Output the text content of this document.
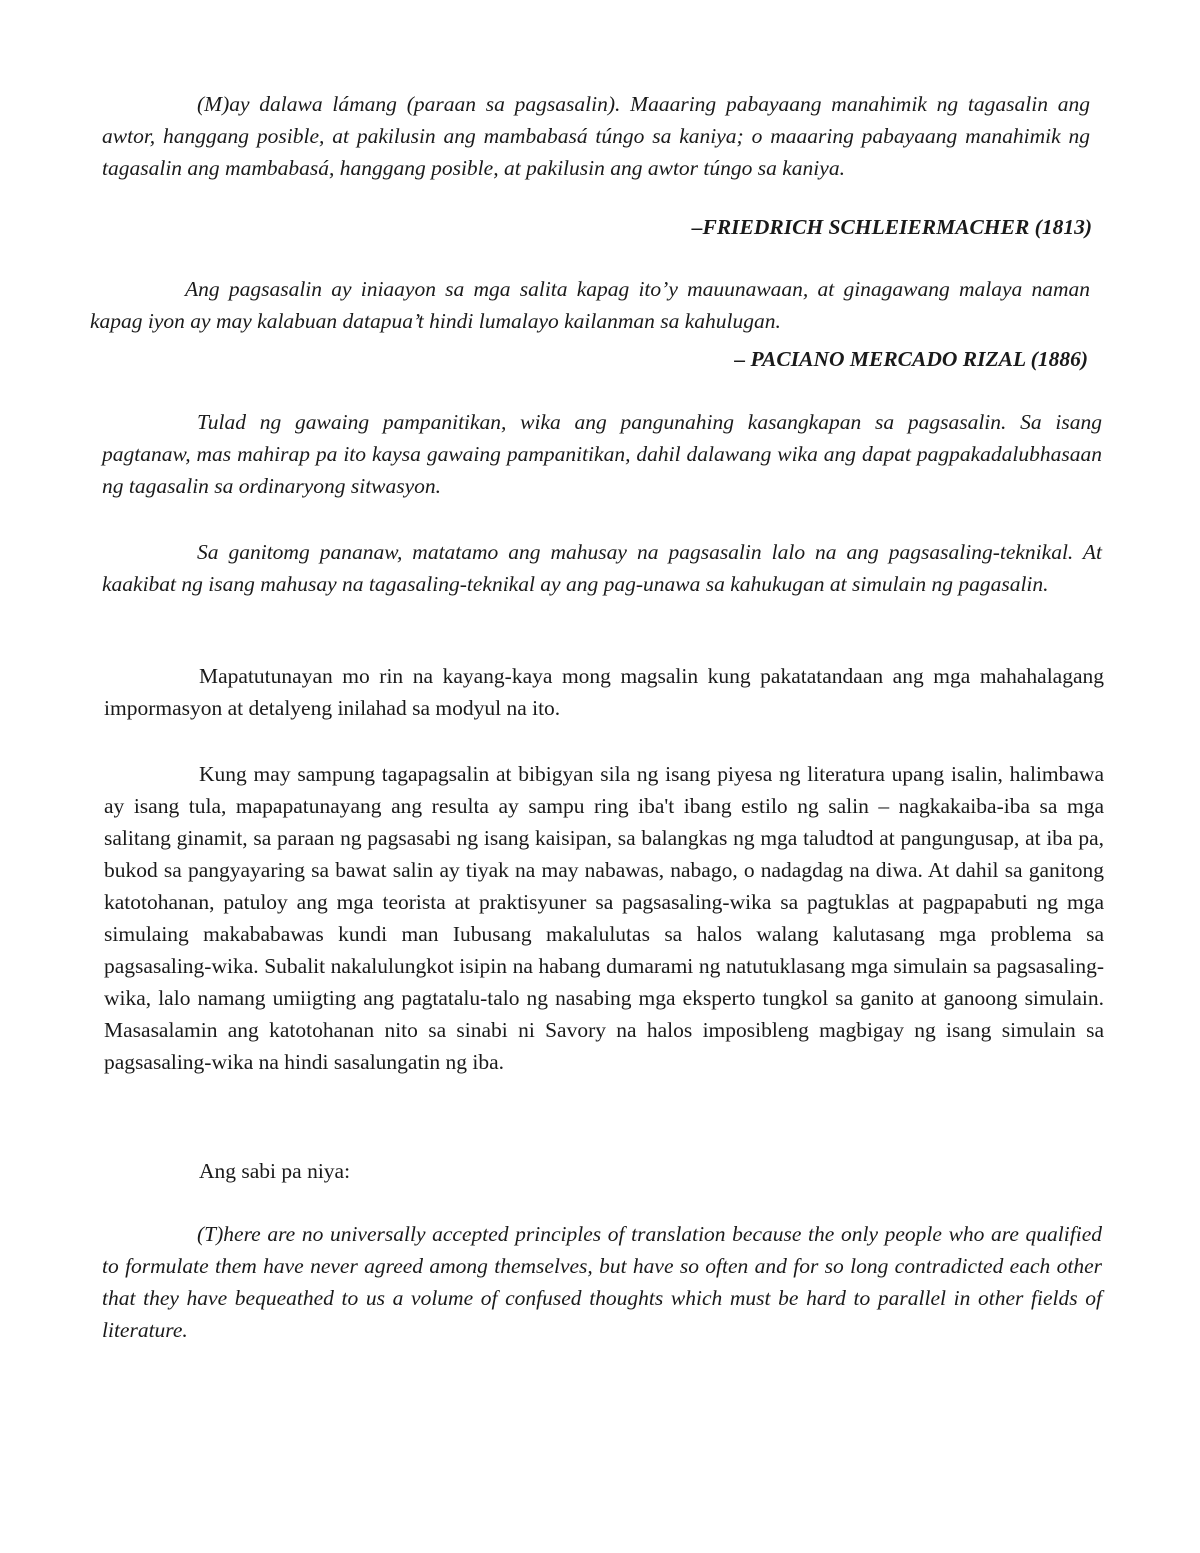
(M)ay dalawa lámang (paraan sa pagsasalin). Maaaring pabayaang manahimik ng tagasalin ang awtor, hanggang posible, at pakilusin ang mambabasá túngo sa kaniya; o maaaring pabayaang manahimik ng tagasalin ang mambabasá, hanggang posible, at pakilusin ang awtor túngo sa kaniya.

–FRIEDRICH SCHLEIERMACHER (1813)

Ang pagsasalin ay iniaayon sa mga salita kapag ito’y mauunawaan, at ginagawang malaya naman kapag iyon ay may kalabuan datapua’t hindi lumalayo kailanman sa kahulugan.

– PACIANO MERCADO RIZAL (1886)

Tulad ng gawaing pampanitikan, wika ang pangunahing kasangkapan sa pagsasalin. Sa isang pagtanaw, mas mahirap pa ito kaysa gawaing pampanitikan, dahil dalawang wika ang dapat pagpakadalubhasaan ng tagasalin sa ordinaryong sitwasyon.

Sa ganitomg pananaw, matatamo ang mahusay na pagsasalin lalo na ang pagsasaling-teknikal. At kaakibat ng isang mahusay na tagasaling-teknikal ay ang pag-unawa sa kahukugan at simulain ng pagasalin.

Mapatutunayan mo rin na kayang-kaya mong magsalin kung pakatatandaan ang mga mahahalagang impormasyon at detalyeng inilahad sa modyul na ito.

Kung may sampung tagapagsalin at bibigyan sila ng isang piyesa ng literatura upang isalin, halimbawa ay isang tula, mapapatunayang ang resulta ay sampu ring iba't ibang estilo ng salin – nagkakaiba-iba sa mga salitang ginamit, sa paraan ng pagsasabi ng isang kaisipan, sa balangkas ng mga taludtod at pangungusap, at iba pa, bukod sa pangyayaring sa bawat salin ay tiyak na may nabawas, nabago, o nadagdag na diwa. At dahil sa ganitong katotohanan, patuloy ang mga teorista at praktisyuner sa pagsasaling-wika sa pagtuklas at pagpapabuti ng mga simulaing makababawas kundi man Iubusang makalulutas sa halos walang kalutasang mga problema sa pagsasaling-wika. Subalit nakalulungkot isipin na habang dumarami ng natutuklasang mga simulain sa pagsasaling-wika, lalo namang umiigting ang pagtatalu-talo ng nasabing mga eksperto tungkol sa ganito at ganoong simulain. Masasalamin ang katotohanan nito sa sinabi ni Savory na halos imposibleng magbigay ng isang simulain sa pagsasaling-wika na hindi sasalungatin ng iba.

Ang sabi pa niya:

(T)here are no universally accepted principles of translation because the only people who are qualified to formulate them have never agreed among themselves, but have so often and for so long contradicted each other that they have bequeathed to us a volume of confused thoughts which must be hard to parallel in other fields of literature.
